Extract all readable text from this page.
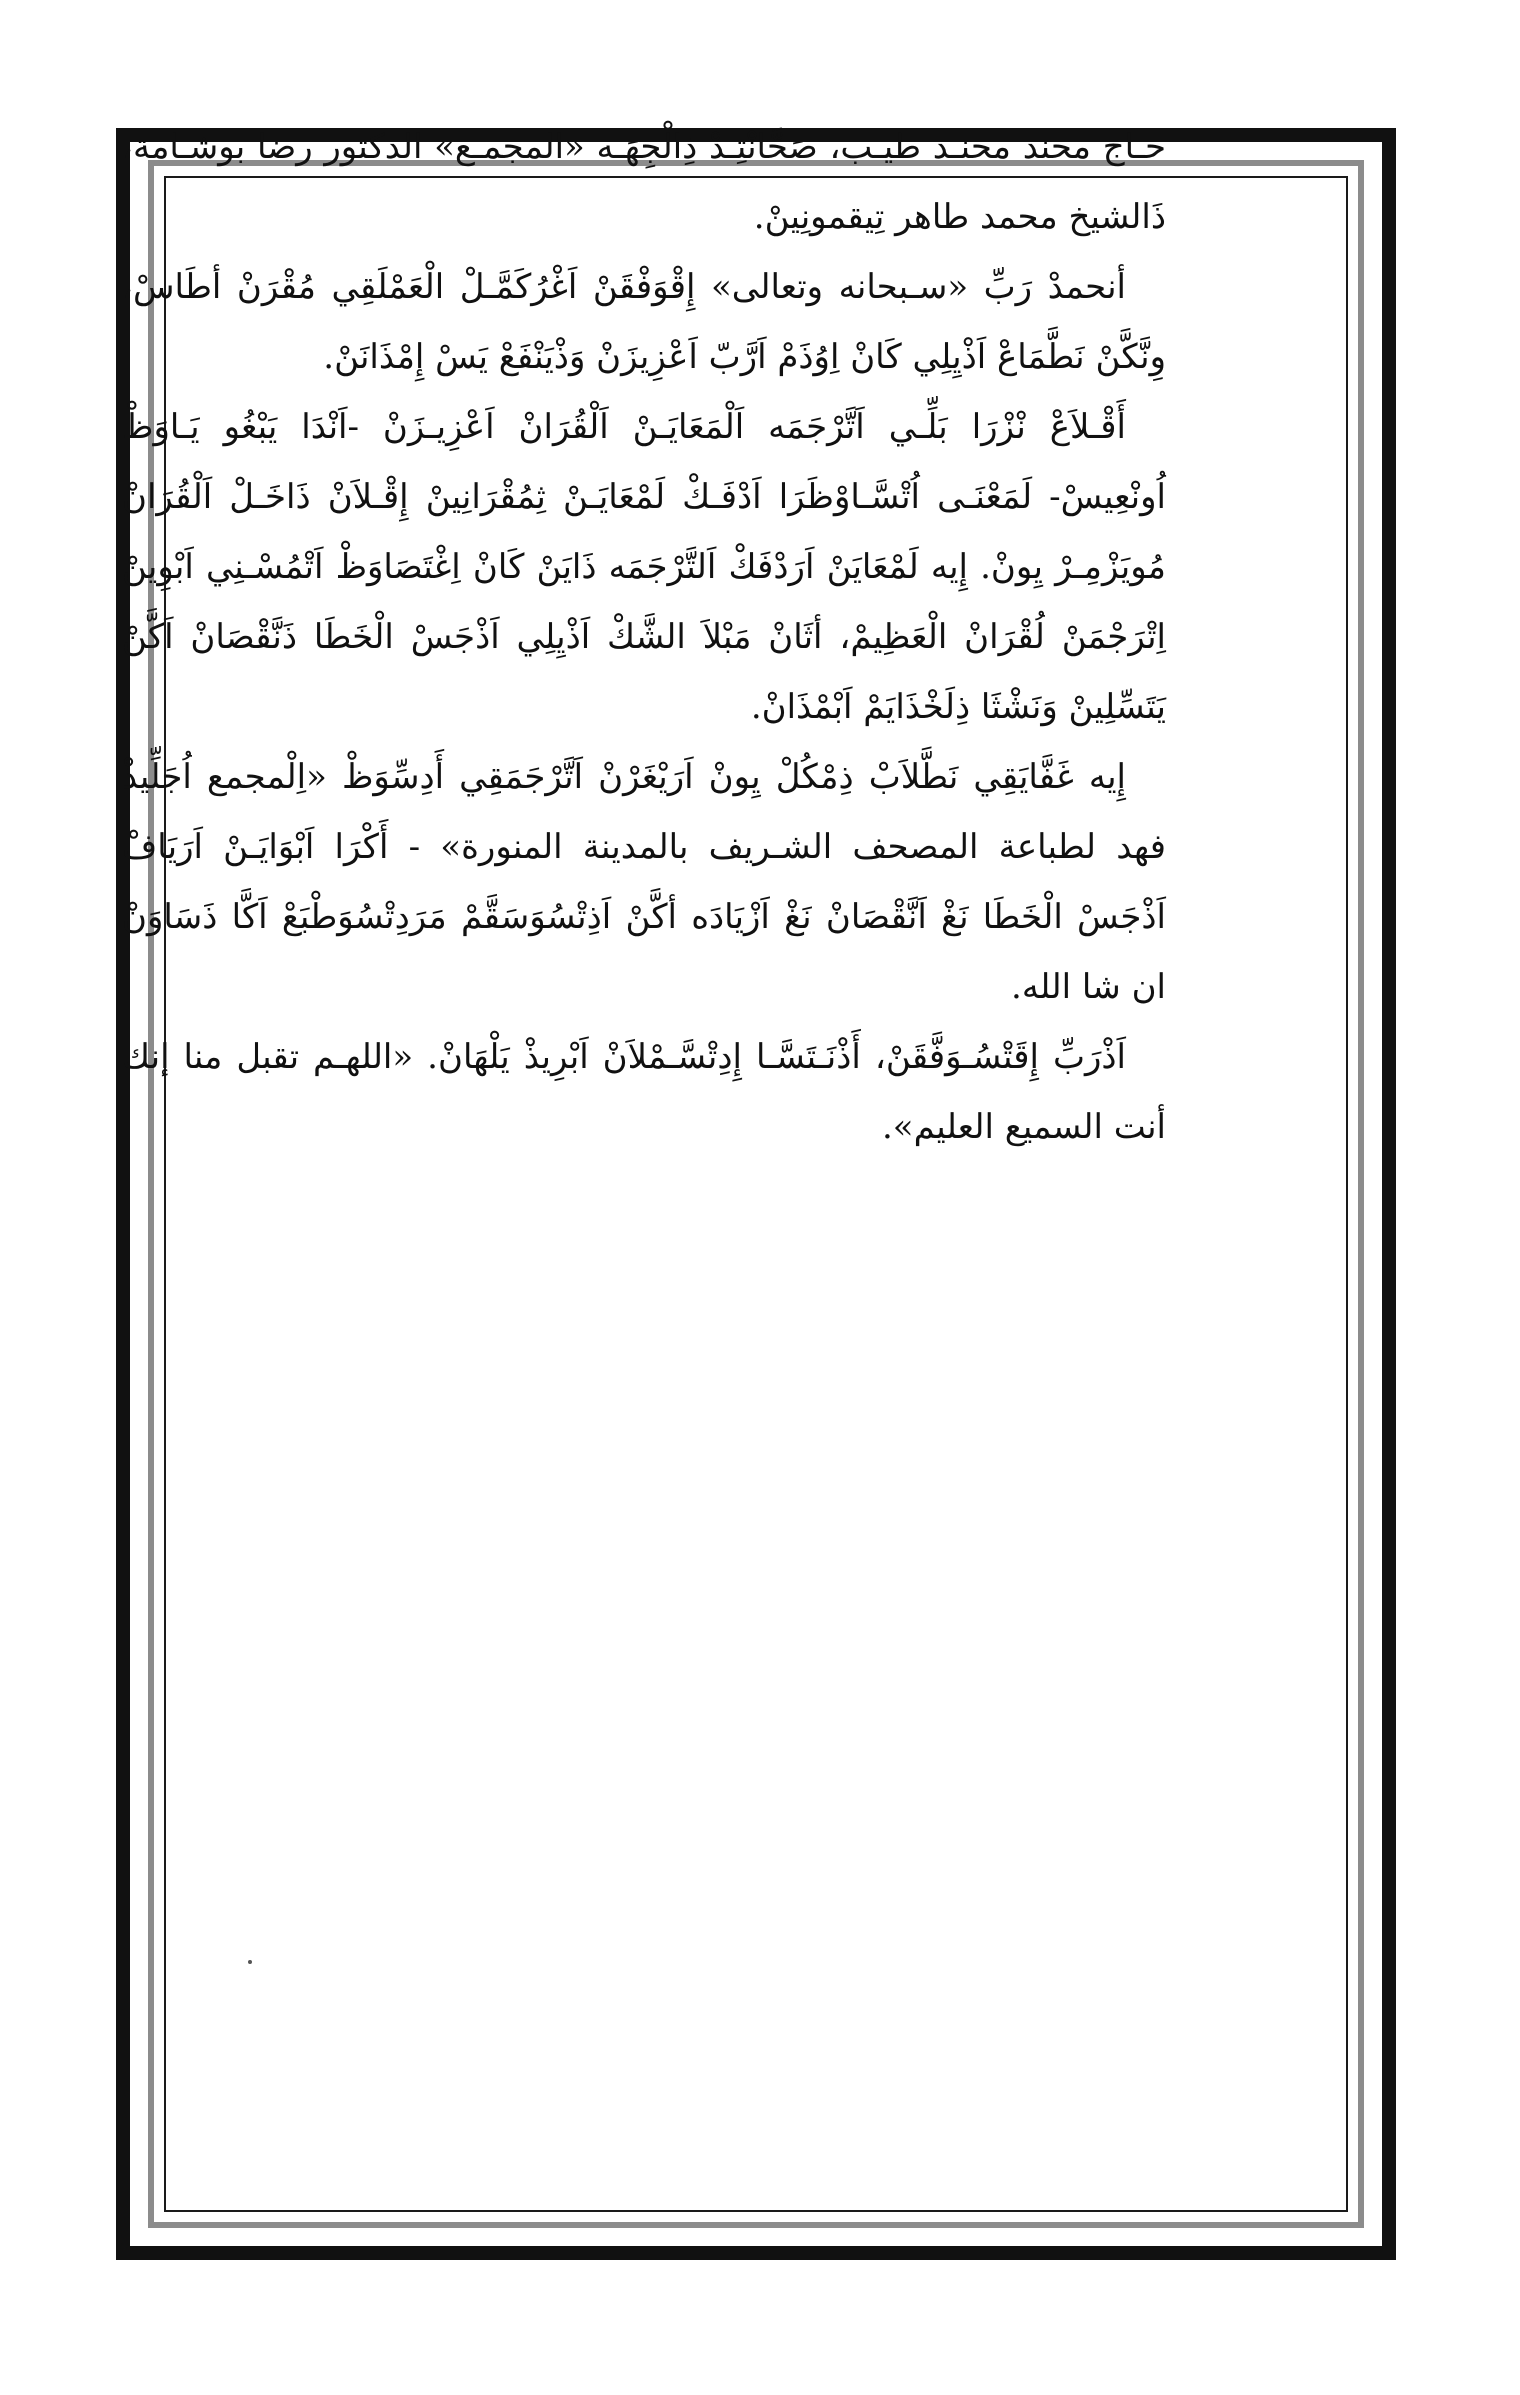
حـاج محند محنـد طيـب، صَحَّانْتِـدْ ذِالْجِهَـه «المجمـع» الدكتور رضا بوشـامة، ذَالشيخ محمد طاهر تِيقمونِينْ.

أنحمدْ رَبِّ «سـبحانه وتعالى» إِقْوَفْقَنْ اَغْرُكَمَّـلْ الْعَمْلَقِي مُقْرَنْ أطَاسْ، وِنَّكَّنْ نَطَّمَاعْ اَذْيِلِي كَانْ اِوُذَمْ اَرَّبّ اَعْزِيزَنْ وَذْيَنْفَعْ يَسْ إِمْذَانَنْ.

أَقْـلاَعْ نْزْرَا بَلِّـي اَتَّرْجَمَه اَلْمَعَايَـنْ اَلْقُرَانْ اَعْزِيـزَنْ -اَنْدَا يَبْغُو يَـاوَظْ اُونْعِيسْ- لَمَعْنَـى اُتْسَّـاوْظَرَا اَدْفَـكْ لَمْعَايَـنْ ثِمُقْرَانِينْ إِقْـلاَنْ ذَاخَـلْ اَلْقُرَانْ مُويَزْمِـرْ يِونْ. إِيه لَمْعَايَنْ اَرَدْفَكْ اَلتَّرْجَمَه ذَايَنْ كَانْ اِغْتَصَاوَظْ اَتْمُسْـنِي اَبْوِينْ اِتْرَجْمَنْ لُقْرَانْ الْعَظِيمْ، أثَانْ مَبْلاَ الشَّكْ اَذْيِلِي اَذْجَسْ الْخَطَا ذَنَّقْصَانْ اَكَّنْ يَتَسِّلِينْ وَنَشْثَا ذِلَخْذَايَمْ اَبْمْذَانْ.

إِيه غَفَّايَقِي نَطَّلاَبْ ذِمْكُلْ يِونْ اَرَيْغَرْنْ اَتَّرْجَمَقِي أَدِسِّوَظْ «اِلْمجمع اُجَلِّيذْ فهد لطباعة المصحف الشـريف بالمدينة المنورة» - أَكْرَا اَبْوَايَـنْ اَرَيَافْ اَذْجَسْ الْخَطَا نَغْ اَنَّقْصَانْ نَغْ اَزْيَادَه أكَّنْ اَذِتْسُوَسَقَّمْ مَرَدِتْسُوَطْبَعْ اَكَّا ذَسَاوَنْ ان شا الله.

اَذْرَبِّ إِقَتْسُـوَفَّقَنْ، أَذْنَـتَسَّـا إِدِتْسَّـمْلاَنْ اَبْرِيذْ يَلْهَانْ. «اللهـم تقبل منا إنك أنت السميع العليم».
